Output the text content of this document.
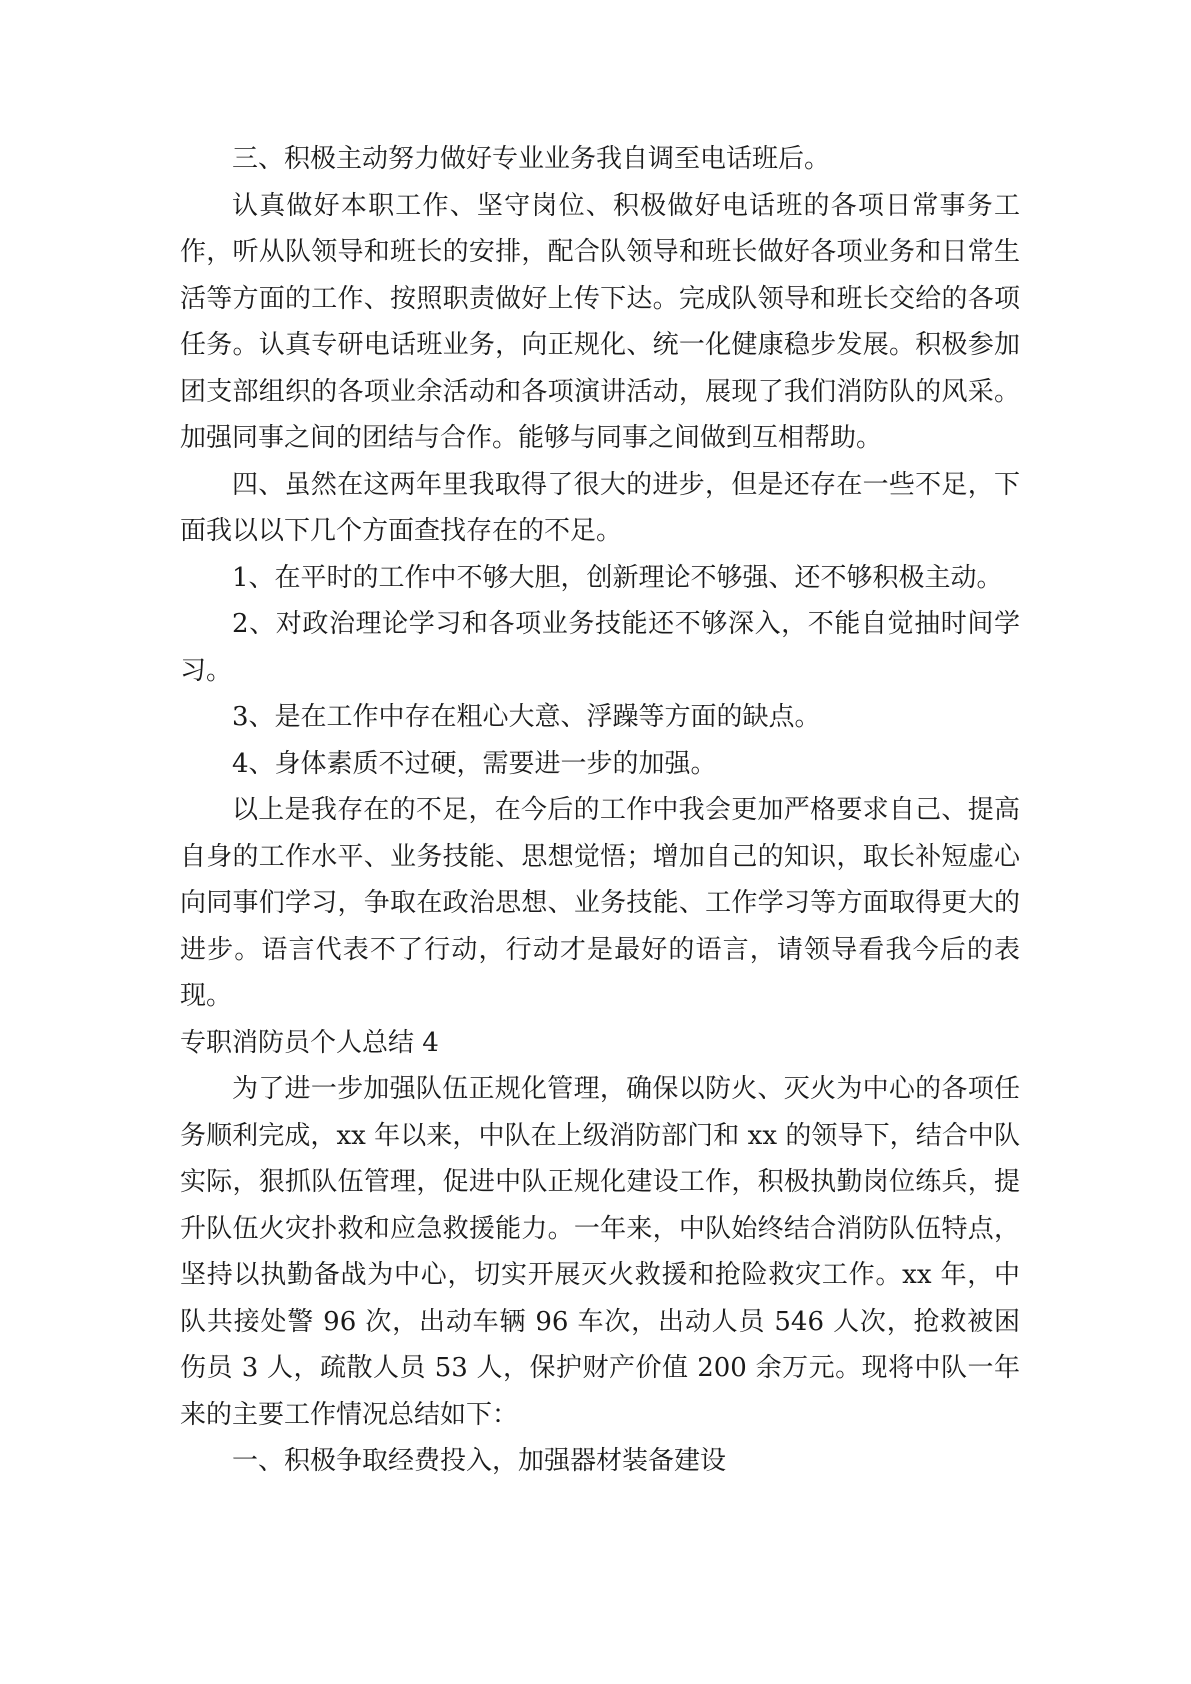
三、积极主动努力做好专业业务我自调至电话班后。

认真做好本职工作、坚守岗位、积极做好电话班的各项日常事务工作，听从队领导和班长的安排，配合队领导和班长做好各项业务和日常生活等方面的工作、按照职责做好上传下达。完成队领导和班长交给的各项任务。认真专研电话班业务，向正规化、统一化健康稳步发展。积极参加团支部组织的各项业余活动和各项演讲活动，展现了我们消防队的风采。加强同事之间的团结与合作。能够与同事之间做到互相帮助。

四、虽然在这两年里我取得了很大的进步，但是还存在一些不足，下面我以以下几个方面查找存在的不足。

1、在平时的工作中不够大胆，创新理论不够强、还不够积极主动。

2、对政治理论学习和各项业务技能还不够深入，不能自觉抽时间学习。

3、是在工作中存在粗心大意、浮躁等方面的缺点。

4、身体素质不过硬，需要进一步的加强。

以上是我存在的不足，在今后的工作中我会更加严格要求自己、提高自身的工作水平、业务技能、思想觉悟；增加自己的知识，取长补短虚心向同事们学习，争取在政治思想、业务技能、工作学习等方面取得更大的进步。语言代表不了行动，行动才是最好的语言，请领导看我今后的表现。

专职消防员个人总结 4

为了进一步加强队伍正规化管理，确保以防火、灭火为中心的各项任务顺利完成，xx 年以来，中队在上级消防部门和 xx 的领导下，结合中队实际，狠抓队伍管理，促进中队正规化建设工作，积极执勤岗位练兵，提升队伍火灾扑救和应急救援能力。一年来，中队始终结合消防队伍特点，坚持以执勤备战为中心，切实开展灭火救援和抢险救灾工作。xx 年，中队共接处警 96 次，出动车辆 96 车次，出动人员 546 人次，抢救被困伤员 3 人，疏散人员 53 人，保护财产价值 200 余万元。现将中队一年来的主要工作情况总结如下：

一、积极争取经费投入，加强器材装备建设
